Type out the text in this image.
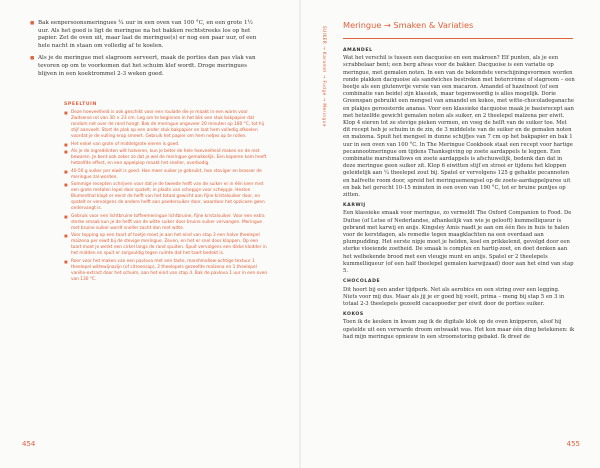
■ Bak eenpersoonsmeringues ¼ uur in een oven van 100 °C, en een grote 1½ uur. Als het goed is ligt de meringue na het bakken rechtstreeks los op het papier. Zet de oven uit, maar laat de meringue(s) er nog een paar uur, of een hele nacht in staan om volledig af te koelen.
■ Als je de meringue met slagroom serveert, maak de porties dan pas vlak van tevoren op om te voorkomen dat het schuim klef wordt. Droge meringues blijven in een koektrommel 2-3 weken goed.
SPEELTUIN
■ Deze hoeveelheid is ook geschikt voor een roulade die je maakt in een warm voor Zwitserse rol van 30 × 23 cm. Leg om te beginnen in het blik een stuk bakpapier dat rondom net over de rand hangt. Bak de meringue ongeveer 20 minuten op 180 °C, tot hij stijf aanvoelt. Stort de plak op een ander stuk bakpapier en laat hem volledig afkoelen voordat je de vulling erop smeert. Gebruik het papier om hem netjes op te rollen.
■ Het enkel van grote of middelgrote eieren is goed.
■ Als je de ingrediënten wilt halveren, kun je beter de hele hoeveelheid maken en de rest bewaren. Je bent ook zeker zo dat je wel de meringue gemakkelijk. Een koperen kom heeft hetzelfde effect, en een appelpiep maakt het sneller, overbodig.
■ 40-50 g suiker per eiwit is goed. Hoe meer suiker je gebruikt, hoe stoviger en brosser de meringue zal worden.
■ Sommige recepten schrijven voor dat je de tweede helft van de suiker er in één keer met een grote metalen lepel door spatelt; in plaats van scheppje voor scheppje. Heston Blumenthal klopt er eerst de helft van het totaal gewicht aan fijne kristalsuiker door, en spatelt er vervolgens de andere helft aan poedersuiker door, waardoor het opzicoen geen ondervangt is.
■ Gebruik voor een lichtbruine toffeemeringue lichtbruine, fijne kristalsuiker. Voor een extra sterke smaak kun je de helft van de witte suiker door bruine suiker vervangen. Meringue met bruine suiker wordt sneller zacht dan met witte.
■ Voor topping op een taart of toetje moet je aan het eind van stap 3 een halve theelepel maïzena per eiwit bij de stevige meringue. Zeven, en het er snel door kloppen. Op een taart moet je werkt een cirkel langs de rand spuiten. Spuit vervolgens een dikke klodder in het midden en spuit er zorgvuldig tegen ruimte dat het taart bedekt is.
■ Roer voor het maken van een pavlova met een taste, marshmallow-achtige textuur 1 theelepel wittewijnazijn (of citroensap), 2 theelepels gezeefde maïzena en 1 theelepel vanille-extract door het schuim, aan het eind van stap 4. Bak de pavlova 1 uur in een oven van 130 °C.
454
SUIKER → Karamel → Fudge → Meringue
Meringue → Smaken & Variaties
AMANDEL
Wat het verschil is tussen een dacquoise en een makroen? Elf punten, als je een scrabbelaar bent; een berg afwas voor de bakker. Dacquoise is een variatie op meringue, met gemalen noten. In een van de bekendste verschijningsvormen worden ronde plakken dacquoise als sandwiches bestreken met botercrème of slagroom – een beetje als een glutenvrije versie van een macaron. Amandel of hazelnoot (of een combinatie van beide) zijn klassiek, maar tegenwoordig is alles mogelijk. Dorie Greenspan gebruikt een mengsel van amandel en kokos, met witte-chocoladeganache en plakjes geroosterde ananas. Voor een klassieke dacquoise maak je basisrecept aan met hetzelfde gewicht gemalen noten als suiker, en 2 theelepel maïzena per eiwit. Klop 4 eieren tot ze stevige pieken vormen, en voeg de helft van de suiker toe. Met dit recept heb je schuim in de zin, de 3 middelste van de suiker en de gemalen noten en maïzena. Spuit het mengsel in dunne schijfjes van 7 cm op het bakpapier en bak 1 uur in een oven van 100 °C. In The Meringue Cookbook staat een recept voor hartige pecannootmeringue om tijdens Thanksgiving op zoete aardappels te leggen. Een combinatie marshmallows en zoete aardappels is afschuwelijk, bedenk dan dat in deze meringue geen suiker zit. Klop 6 eiwitten stijf en strooi er tijdens het kloppen geleidelijk aan ¼ theelepel zout bij. Spatel er vervolgens 125 g gehakte pecannoten en halfvette room door, spreid het meringuemengsel op de zoete-aardappelpuree uit en bak het gerecht 10-15 minuten in een oven van 190 °C, tot er bruine puntjes op zitten.
KARWIJ
Een klassieke smaak voor meringue, zo vermeldt The Oxford Companion to Food. De Duitse (of Letse of Nederlandse, afhankelijk van wie je gelooft) kummelliqueur is gebrand met karwij en anijs. Kingsley Amis raadt je aan om één fles in huis te halen voor de kerstdagen, als remedie tegen maagklachten na een overdaad aan plumpudding. Het eerste nipje moet je helden, koel en prikkelend, gevolgd door een sterke vloeiende zoetheid. De smaak is complex en hartig-zoet, en doet denken aan het welbekende brood met een vleugje munt en anijs. Spatel er 2 theelepels kummelliqueur (of een half theelepel gemalen karwijzaad) door aan het eind van stap 5.
CHOCOLADE
Dit hoort bij een ander tijdperk. Net als aerobics en een string over een legging. Niets voor mij dus. Maar als jij je er goed bij voelt, prima – meng bij stap 5 en 3 in totaal 2-3 theelepels gezeefd cacaopoeder per eiwit door de porties suiker.
KOKOS
Toen ik de keuken in kwam zag ik de digitale klok op de oven knipperen, alsof hij opstelde uit een verwarde droom ontwaakt was. Het kon maar één ding betekenen: ik had mijn meringue opnieuw in een stroomstoring gebakd. Ik dreef de
455
